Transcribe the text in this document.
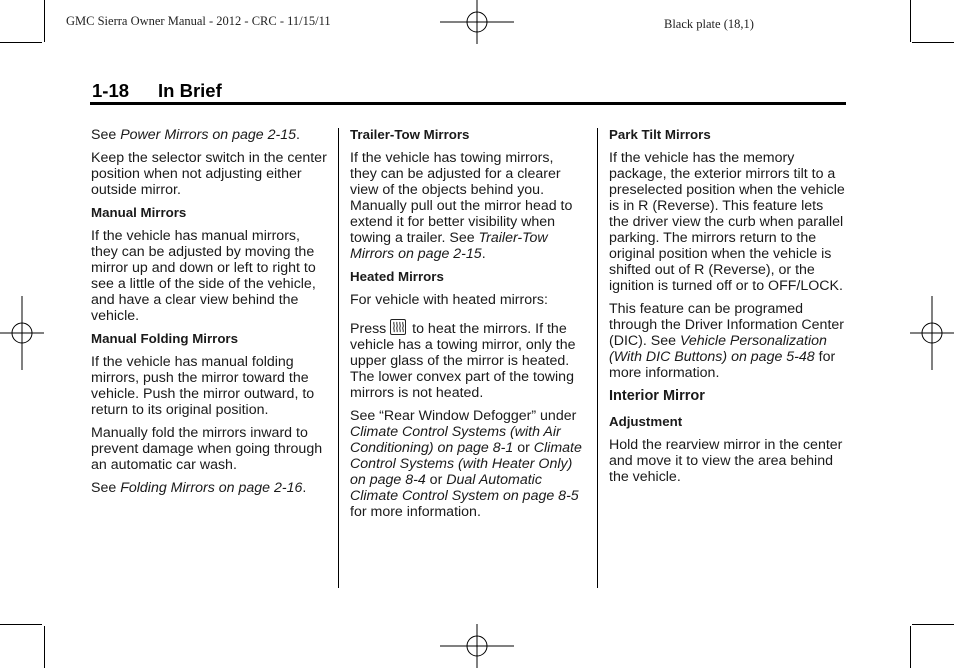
GMC Sierra Owner Manual - 2012 - CRC - 11/15/11	Black plate (18,1)
1-18 In Brief

See Power Mirrors on page 2-15.

Keep the selector switch in the center position when not adjusting either outside mirror.

Manual Mirrors

If the vehicle has manual mirrors, they can be adjusted by moving the mirror up and down or left to right to see a little of the side of the vehicle, and have a clear view behind the vehicle.

Manual Folding Mirrors

If the vehicle has manual folding mirrors, push the mirror toward the vehicle. Push the mirror outward, to return to its original position.

Manually fold the mirrors inward to prevent damage when going through an automatic car wash.

See Folding Mirrors on page 2-16.

Trailer-Tow Mirrors

If the vehicle has towing mirrors, they can be adjusted for a clearer view of the objects behind you. Manually pull out the mirror head to extend it for better visibility when towing a trailer. See Trailer-Tow Mirrors on page 2-15.

Heated Mirrors

For vehicle with heated mirrors:

Press
to heat the mirrors. If the vehicle has a towing mirror, only the upper glass of the mirror is heated. The lower convex part of the towing mirrors is not heated.

See “Rear Window Defogger” under Climate Control Systems (with Air Conditioning) on page 8-1 or Climate Control Systems (with Heater Only) on page 8-4 or Dual Automatic Climate Control System on page 8-5 for more information.

Park Tilt Mirrors

If the vehicle has the memory package, the exterior mirrors tilt to a preselected position when the vehicle is in R (Reverse). This feature lets the driver view the curb when parallel parking. The mirrors return to the original position when the vehicle is shifted out of R (Reverse), or the ignition is turned off or to OFF/LOCK.

This feature can be programed through the Driver Information Center (DIC). See Vehicle Personalization (With DIC Buttons) on page 5-48 for more information.

Interior Mirror
Adjustment

Hold the rearview mirror in the center and move it to view the area behind the vehicle.
